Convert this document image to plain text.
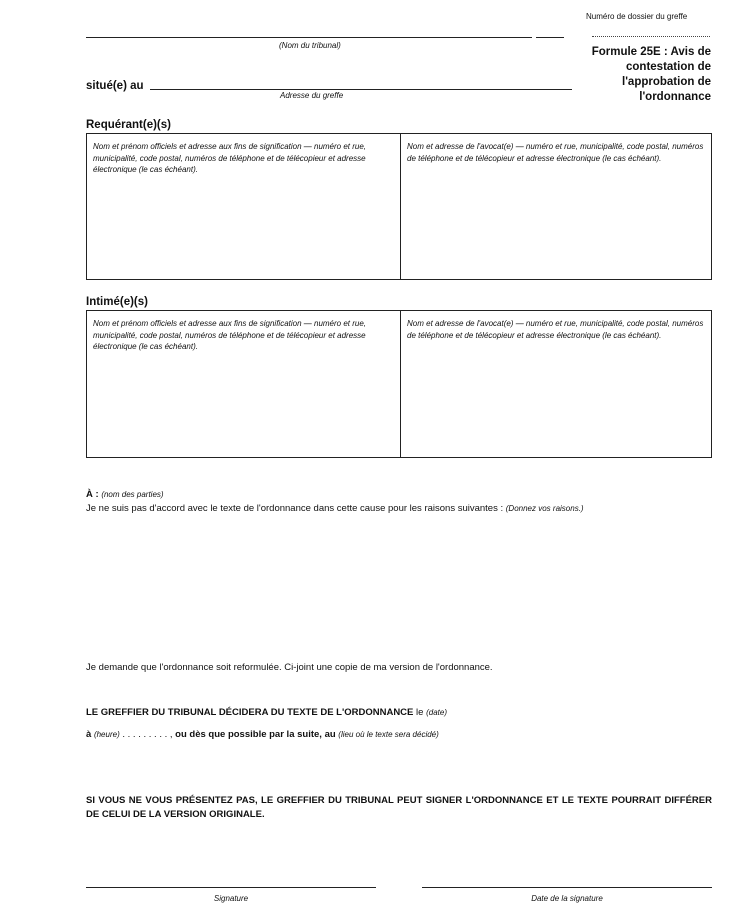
Numéro de dossier du greffe
(Nom du tribunal)
Formule 25E : Avis de
contestation de
l'approbation de
l'ordonnance
situé(e) au
Adresse du greffe
Requérant(e)(s)
Nom et prénom officiels et adresse aux fins de signification — numéro et rue, municipalité, code postal, numéros de téléphone et de télécopieur et adresse électronique (le cas échéant).
Nom et adresse de l'avocat(e) — numéro et rue, municipalité, code postal, numéros de téléphone et de télécopieur et adresse électronique (le cas échéant).
Intimé(e)(s)
Nom et prénom officiels et adresse aux fins de signification — numéro et rue, municipalité, code postal, numéros de téléphone et de télécopieur et adresse électronique (le cas échéant).
Nom et adresse de l'avocat(e) — numéro et rue, municipalité, code postal, numéros de téléphone et de télécopieur et adresse électronique (le cas échéant).
À : (nom des parties)
Je ne suis pas d'accord avec le texte de l'ordonnance dans cette cause pour les raisons suivantes : (Donnez vos raisons.)
Je demande que l'ordonnance soit reformulée. Ci-joint une copie de ma version de l'ordonnance.
LE GREFFIER DU TRIBUNAL DÉCIDERA DU TEXTE DE L'ORDONNANCE le (date)
à (heure) . . . . . . . . . , ou dès que possible par la suite, au (lieu où le texte sera décidé)
SI VOUS NE VOUS PRÉSENTEZ PAS, LE GREFFIER DU TRIBUNAL PEUT SIGNER L'ORDONNANCE ET LE TEXTE POURRAIT DIFFÉRER DE CELUI DE LA VERSION ORIGINALE.
Signature	Date de la signature
